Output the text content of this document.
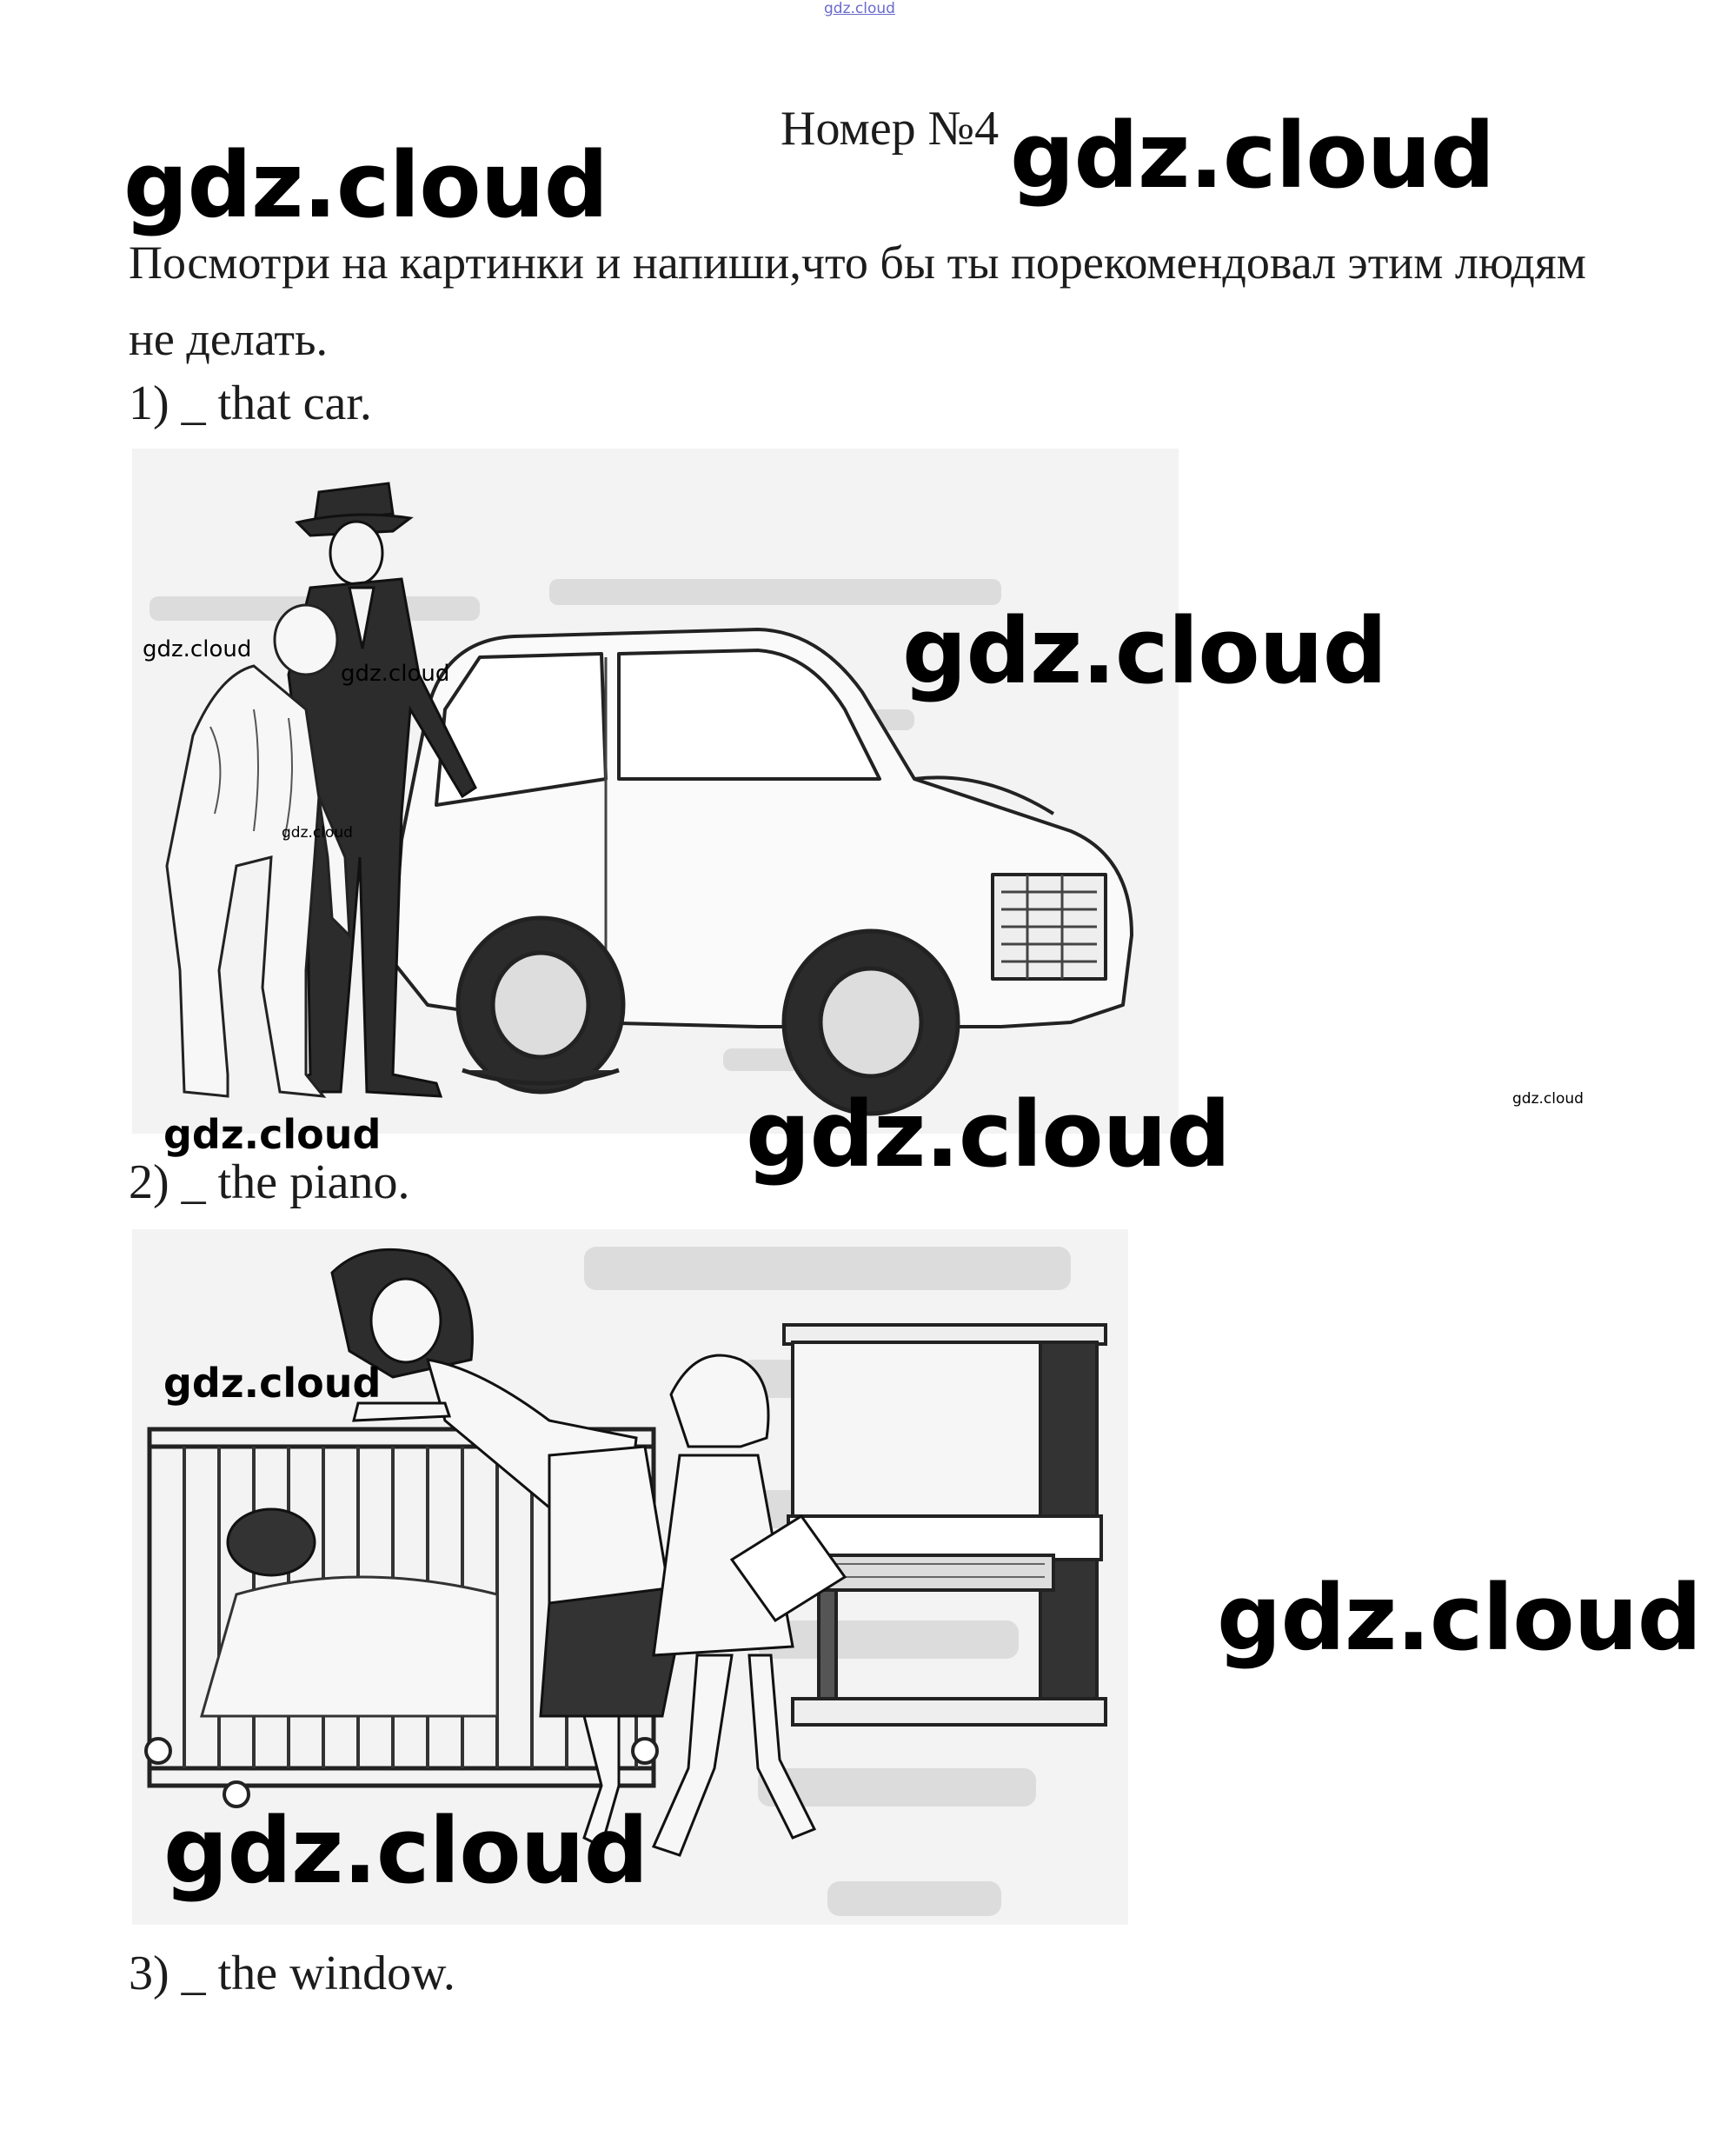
gdz.cloud
Номер №4 gdz.cloud
gdz.cloud
Посмотри на картинки и напиши,что бы ты порекомендовал этим людям не делать.
1) _ that car.
gdz.cloud
gdz.cloud
gdz.cloud
gdz.cloud
gdz.cloud
gdz.cloud
gdz.cloud
2) _ the piano.
gdz.cloud
gdz.cloud
gdz.cloud
3) _ the window.
